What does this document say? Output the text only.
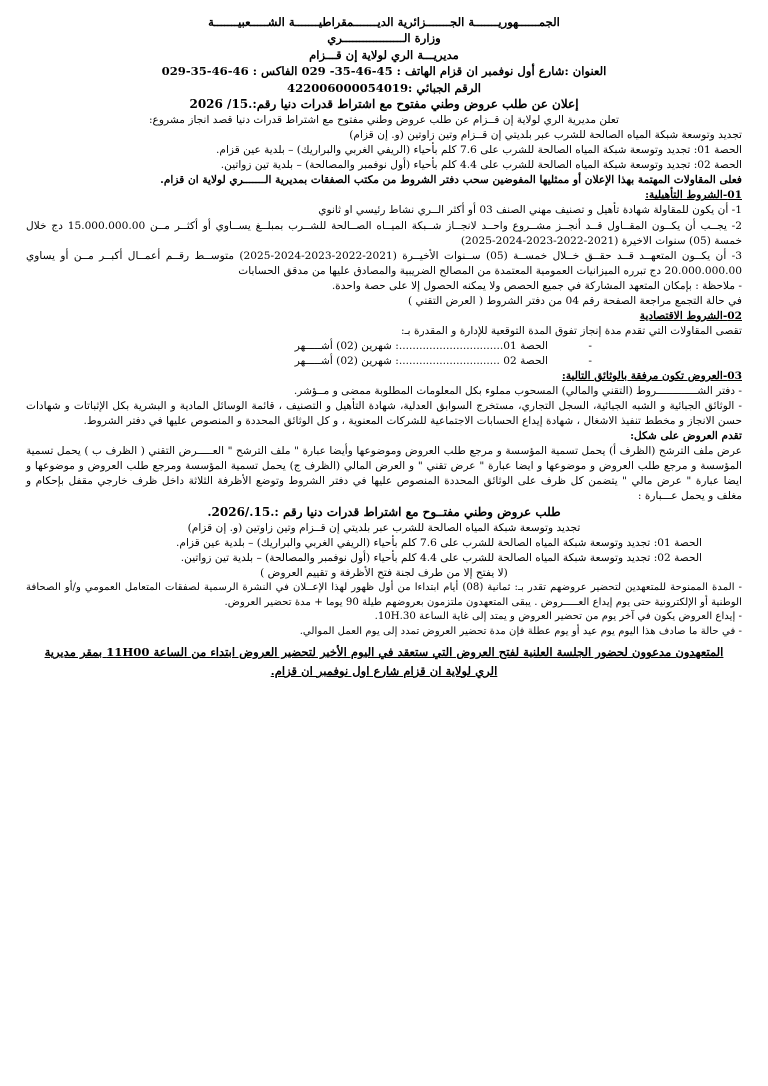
الجمــــــهوريـــــــة الجـــــــزائرية الديـــــــمقراطيـــــــة الشـــــعبيـــــــة

وزارة الــــــــــــــــــري

مديريـــة الري لولاية إن قـــزام

العنوان :شارع أول نوفمبر ان قزام الهاتف : 45-46-35- 029 الفاكس : 46-46-35-029

الرقم الجبائي :422006000054019

إعلان عن طلب عروض وطني مفتوح مع اشتراط قدرات دنيا رقم:.15/ 2026

تعلن مديرية الري لولاية إن قــزام عن طلب عروض وطني مفتوح مع اشتراط قدرات دنيا قصد انجاز مشروع:

تجديد وتوسعة شبكة المياه الصالحة للشرب عبر بلديتي إن قــزام وتين زاوتين (و. إن قزام)

الحصة 01: تجديد وتوسعة شبكة المياه الصالحة للشرب على 7.6 كلم بأحياء (الريفي الغربي والبراريك) – بلدية عين قزام.

الحصة 02: تجديد وتوسعة شبكة المياه الصالحة للشرب على 4.4 كلم بأحياء (أول نوفمبر والمصالحة) – بلدية تين زواتين.

فعلى المقاولات المهتمة بهذا الإعلان أو ممثليها المفوضين سحب دفتر الشروط من مكتب الصفقات بمديرية الـــــــري لولاية ان قزام.

01-الشروط التأهيلية:

1- أن يكون للمقاولة شهادة تأهيل و تصنيف مهني الصنف 03 أو أكثر الــري نشاط رئيسي او ثانوي

2- يجــب أن يكــون المقــاول قــد أنجــز مشــروع واحــد لانجــاز شــبكة الميــاه الصــالحة للشــرب بمبلــغ يســاوي أو أكثــر مــن 15.000.000.00 دج خلال خمسة (05) سنوات الاخيرة (2021-2022-2023-2024-2025)

3- أن يكــون المتعهــد قــد حقــق خــلال خمســة (05) ســنوات الأخيــرة (2021-2022-2023-2024-2025) متوســط رقــم أعمــال أكبــر مــن أو يساوي 20.000.000.00 دج تبرره الميزانيات العمومية المعتمدة من المصالح الضريبية والمصادق عليها من مدقق الحسابات

- ملاحظة : بإمكان المتعهد المشاركة في جميع الحصص ولا يمكنه الحصول إلا على حصة واحدة.

في حالة التجمع مراجعة الصفحة رقم 04 من دفتر الشروط ( العرض التقني )

02-الشروط الاقتصادية

تقصى المقاولات التي تقدم مدة إنجاز تفوق المدة التوقعية للإدارة و المقدرة بـ:

-
الحصة 01...............................:

شهرين (02) أشـــــهر
-
الحصة 02 ..............................:

شهرين (02) أشـــــهر

03-العروض تكون مرفقة بالوثائق التالية:

- دفتر الشـــــــــــــروط (التقني والمالي) المسحوب مملوء بكل المعلومات المطلوبة ممضى و مــؤشر.

- الوثائق الجبائية و الشبه الجبائية، السجل التجاري، مستخرج السوابق العدلية، شهادة التأهيل و التصنيف ، قائمة الوسائل المادية و البشرية بكل الإثباتات و شهادات حسن الانجاز و مخطط تنفيذ الاشغال ، شهادة إيداع الحسابات الاجتماعية للشركات المعنوية ، و كل الوثائق المحددة و المنصوص عليها في دفتر الشروط.

تقدم العروض على شكل:

عرض ملف الترشح (الظرف أ) يحمل تسمية المؤسسة و مرجع طلب العروض وموضوعها وأيضا عبارة " ملف الترشح " العـــــرض التقني ( الظرف ب ) يحمل تسمية المؤسسة و مرجع طلب العروض و موضوعها و ايضا عبارة " عرض تقني " و العرض المالي (الظرف ج) يحمل تسمية المؤسسة ومرجع طلب العروض و موضوعها و ايضا عبارة " عرض مالي " يتضمن كل ظرف على الوثائق المحددة المنصوص عليها في دفتر الشروط وتوضع الأظرفة الثلاثة داخل ظرف خارجي مقفل بإحكام و مغلف و يحمل عـــبارة :

طلب عروض وطني مفتــوح مع اشتراط قدرات دنيا رقم :.15./2026.

تجديد وتوسعة شبكة المياه الصالحة للشرب عبر بلديتي إن قــزام وتين زاوتين (و. إن قزام)

الحصة 01: تجديد وتوسعة شبكة المياه الصالحة للشرب على 7.6 كلم بأحياء (الريفي الغربي والبراريك) – بلدية عين قزام.

الحصة 02: تجديد وتوسعة شبكة المياه الصالحة للشرب على 4.4 كلم بأحياء (أول نوفمبر والمصالحة) – بلدية تين زواتين.

(لا يفتح إلا من طرف لجنة فتح الأظرفة و تقييم العروض )

- المدة الممنوحة للمتعهدين لتحضير عروضهم تقدر بـ: ثمانية (08) أيام ابتداءا من أول ظهور لهذا الإعــلان في النشرة الرسمية لصفقات المتعامل العمومي و/أو الصحافة الوطنية أو الإلكترونية حتى يوم إيداع العـــــروض . يبقى المتعهدون ملتزمون بعروضهم طيلة 90 يوما + مدة تحضير العروض.

- إيداع العروض يكون في آخر يوم من تحضير العروض و يمتد إلى غاية الساعة 10H.30.

- في حالة ما صادف هذا اليوم يوم عيد أو يوم عطلة فإن مدة تحضير العروض تمدد إلى يوم العمل الموالي.

المتعهدون مدعوون لحضور الجلسة العلنية لفتح العروض التي ستعقد في اليوم الأخير لتحضير العروض ابتداء من الساعة 11H00 بمقر مديرية

الري لولاية ان قزام شارع اول نوفمبر ان قزام.
